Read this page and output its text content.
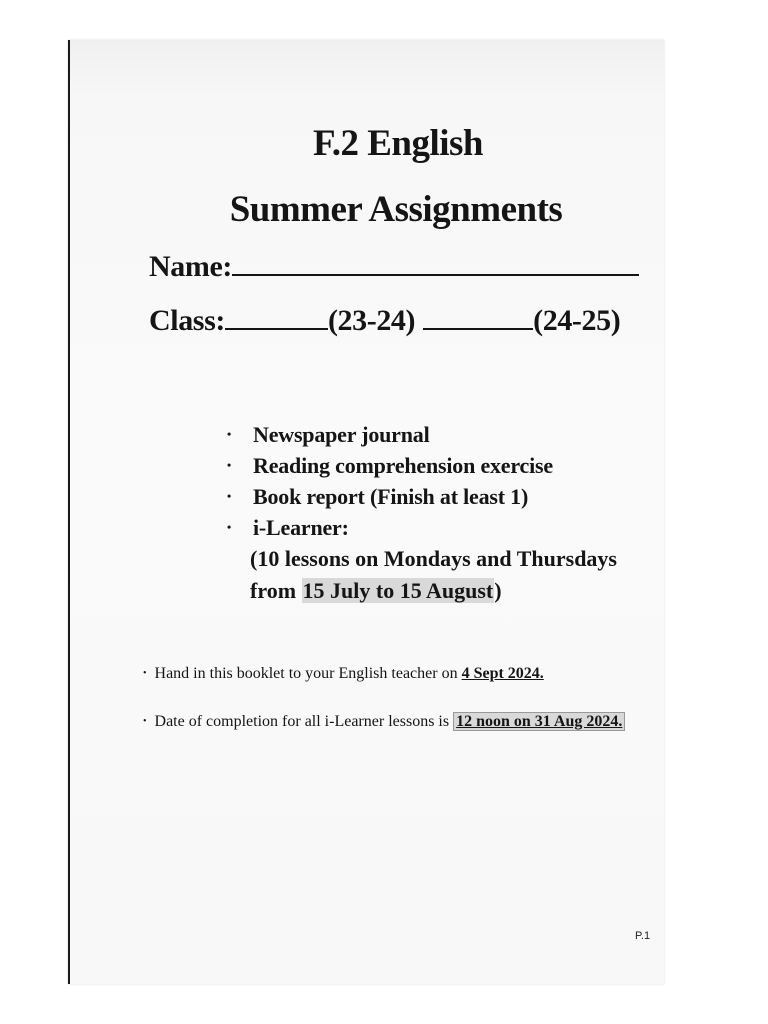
F.2 English
Summer Assignments
Name:
Class:	(23-24)	(24-25)
• Newspaper journal
• Reading comprehension exercise
• Book report (Finish at least 1)
• i-Learner:
(10 lessons on Mondays and Thursdays
from 15 July to 15 August)
• Hand in this booklet to your English teacher on 4 Sept 2024.
• Date of completion for all i-Learner lessons is 12 noon on 31 Aug 2024.
P.1
